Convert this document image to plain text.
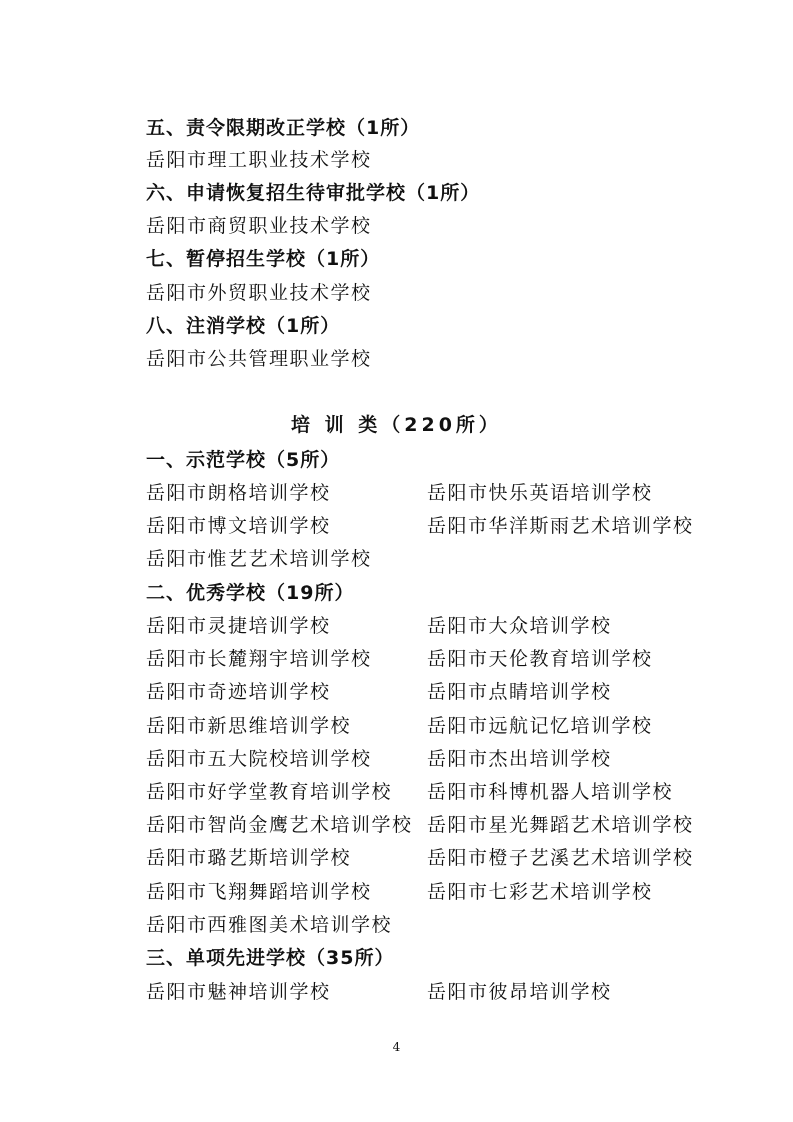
五、责令限期改正学校（1所）
岳阳市理工职业技术学校
六、申请恢复招生待审批学校（1所）
岳阳市商贸职业技术学校
七、暂停招生学校（1所）
岳阳市外贸职业技术学校
八、注消学校（1所）
岳阳市公共管理职业学校
培 训 类（220所）
一、示范学校（5所）
岳阳市朗格培训学校	岳阳市快乐英语培训学校
岳阳市博文培训学校	岳阳市华洋斯雨艺术培训学校
岳阳市惟艺艺术培训学校
二、优秀学校（19所）
岳阳市灵捷培训学校	岳阳市大众培训学校
岳阳市长麓翔宇培训学校	岳阳市天伦教育培训学校
岳阳市奇迹培训学校	岳阳市点睛培训学校
岳阳市新思维培训学校	岳阳市远航记忆培训学校
岳阳市五大院校培训学校	岳阳市杰出培训学校
岳阳市好学堂教育培训学校 岳阳市科博机器人培训学校
岳阳市智尚金鹰艺术培训学校 岳阳市星光舞蹈艺术培训学校
岳阳市璐艺斯培训学校	岳阳市橙子艺溪艺术培训学校
岳阳市飞翔舞蹈培训学校	岳阳市七彩艺术培训学校
岳阳市西雅图美术培训学校
三、单项先进学校（35所）
岳阳市魅神培训学校	岳阳市彼昂培训学校
4
